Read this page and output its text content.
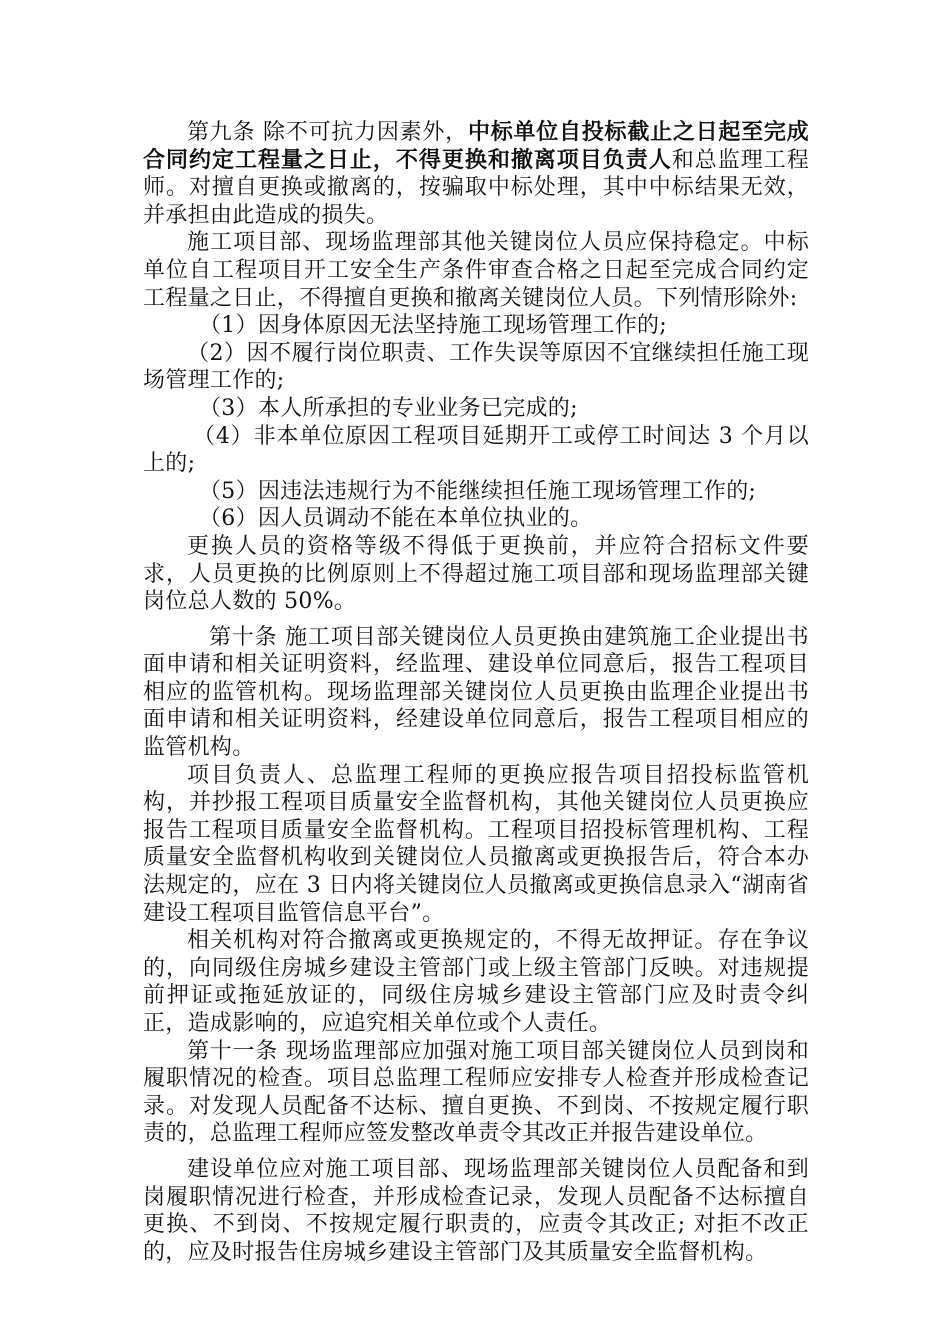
第九条 除不可抗力因素外，中标单位自投标截止之日起至完成合同约定工程量之日止，不得更换和撤离项目负责人和总监理工程师。对擅自更换或撤离的，按骗取中标处理，其中中标结果无效，并承担由此造成的损失。

施工项目部、现场监理部其他关键岗位人员应保持稳定。中标单位自工程项目开工安全生产条件审查合格之日起至完成合同约定工程量之日止，不得擅自更换和撤离关键岗位人员。下列情形除外:

（1）因身体原因无法坚持施工现场管理工作的;

（2）因不履行岗位职责、工作失误等原因不宜继续担任施工现场管理工作的;

（3）本人所承担的专业业务已完成的;

（4）非本单位原因工程项目延期开工或停工时间达 3 个月以上的;

（5）因违法违规行为不能继续担任施工现场管理工作的;

（6）因人员调动不能在本单位执业的。

更换人员的资格等级不得低于更换前，并应符合招标文件要求，人员更换的比例原则上不得超过施工项目部和现场监理部关键岗位总人数的 50%。

第十条 施工项目部关键岗位人员更换由建筑施工企业提出书面申请和相关证明资料，经监理、建设单位同意后，报告工程项目相应的监管机构。现场监理部关键岗位人员更换由监理企业提出书面申请和相关证明资料，经建设单位同意后，报告工程项目相应的监管机构。

项目负责人、总监理工程师的更换应报告项目招投标监管机构，并抄报工程项目质量安全监督机构，其他关键岗位人员更换应报告工程项目质量安全监督机构。工程项目招投标管理机构、工程质量安全监督机构收到关键岗位人员撤离或更换报告后，符合本办法规定的，应在 3 日内将关键岗位人员撤离或更换信息录入“湖南省建设工程项目监管信息平台”。

相关机构对符合撤离或更换规定的，不得无故押证。存在争议的，向同级住房城乡建设主管部门或上级主管部门反映。对违规提前押证或拖延放证的，同级住房城乡建设主管部门应及时责令纠正，造成影响的，应追究相关单位或个人责任。

第十一条 现场监理部应加强对施工项目部关键岗位人员到岗和履职情况的检查。项目总监理工程师应安排专人检查并形成检查记录。对发现人员配备不达标、擅自更换、不到岗、不按规定履行职责的，总监理工程师应签发整改单责令其改正并报告建设单位。

建设单位应对施工项目部、现场监理部关键岗位人员配备和到岗履职情况进行检查，并形成检查记录，发现人员配备不达标擅自更换、不到岗、不按规定履行职责的，应责令其改正; 对拒不改正的，应及时报告住房城乡建设主管部门及其质量安全监督机构。
